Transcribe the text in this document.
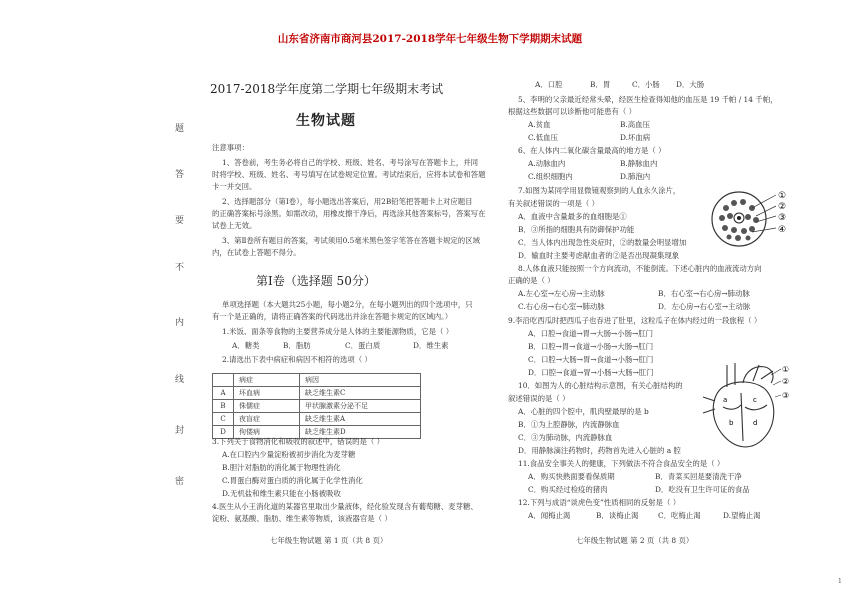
山东省济南市商河县2017-2018学年七年级生物下学期期末试题
2017-2018学年度第二学期七年级期末考试
生物试题
题
答
要
不
内
线
封
密
注意事项：
1、答卷前，考生务必将自己的学校、班级、姓名、考号涂写在答题卡上，并同
时将学校、班级、姓名、考号填写在试卷规定位置。考试结束后，应将本试卷和答题
卡一并交回。
2、选择题部分（第Ⅰ卷），每小题选出答案后，用2B铅笔把答题卡上对应题目
的正确答案标号涂黑。如需改动，用橡皮擦干净后，再选涂其他答案标号，答案写在
试卷上无效。
3、第Ⅱ卷所有题目的答案，考试须用0.5毫米黑色签字笔答在答题卡规定的区域
内，在试卷上答题不得分。
第Ⅰ卷（选择题 50分）
单项选择题（本大题共25小题，每小题2分，在每小题列出的四个选项中，只
有一个是正确的，请将正确答案的代码选出并涂在答题卡规定的区域内。）
1.米饭、面条等食物的主要营养成分是人体的主要能源物质，它是（ ）
A．糖类	B．脂肪	C．蛋白质	D．维生素
2.请选出下表中病症和病因不相符的选项（ ）
	病症	病因
A	坏血病	缺乏维生素C
B	侏儒症	甲状腺激素分泌不足
C	夜盲症	缺乏维生素A
D	佝偻病	缺乏维生素D
3.下列关于食物消化和吸收的叙述中，错误的是（ ）
A.在口腔内少量淀粉被初步消化为麦芽糖
B.胆汁对脂肪的消化属于物理性消化
C.胃蛋白酶对蛋白质的消化属于化学性消化
D.无机盐和维生素只能在小肠被吸收
4.医生从小王消化道的某器官里取出少量液体，经化验发现含有葡萄糖、麦芽糖、
淀粉、氨基酸、脂肪、维生素等物质，该液器官是（ ）
七年级生物试题 第 1 页（共 8 页）
A．口腔	B．胃	C．小肠 D．大肠
5、李明的父亲最近经常头晕，经医生检查得知他的血压是 19 千帕 / 14 千帕，
根据这些数据可以诊断他可能患有（ ）
A.贫血	B.高血压
C.低血压	D.坏血病
6、在人体内二氧化碳含量最高的地方是（ ）
A.动脉血内	B.静脉血内
C.组织细胞内	D.肺泡内
7.如图为某同学用显微镜观察到的人血永久涂片，
有关叙述错误的一项是（ ）
A．血液中含量最多的血细胞是①
B．③所指的细胞具有防御保护功能
C．当人体内出现急性炎症时，②的数量会明显增加
D．输血时主要考虑献血者的②是否出现凝集现象
①
②
③
④
8.人体血液只能按照一个方向流动，不能倒流。下述心脏内的血液流动方向
正确的是（ ）
A.左心室→左心房→主动脉	B．右心室→右心房→肺动脉
C.右心房→右心室→肺动脉	D．左心房→右心室→主动脉
9.李沿吃西瓜时把西瓜子也吞进了肚里，这粒瓜子在体内经过的一段旅程（ ）
A．口腔→食道→胃→大肠→小肠→肛门
B．口腔→胃→食道→小肠→大肠→肛门
C．口腔→大肠→胃→食道→小肠→肛门
D．口腔→食道→胃→小肠→大肠→肛门
10．如图为人的心脏结构示意图，有关心脏结构的
叙述错误的是（ ）
A．心脏的四个腔中，肌肉壁最厚的是 b
B．①为上腔静脉，内流静脉血
C．③为肺动脉，内流静脉血
D．用静脉滴注药物时，药物首先进入心脏的 a 腔
①
②
③
a
b
c
d
11.食品安全事关人的健康，下列做法不符合食品安全的是（ ）
A．购买快熟面要看保质期	B．青菜买回是要清洗干净
C．购买经过检疫的猪肉	D．吃没有卫生许可证的食品
12.下列与成语“谈虎色变”性质相同的反射是（ ）
A．闻梅止渴	B．谈梅止渴	C．吃梅止渴	D.望梅止渴
七年级生物试题 第 2 页（共 8 页）
1
